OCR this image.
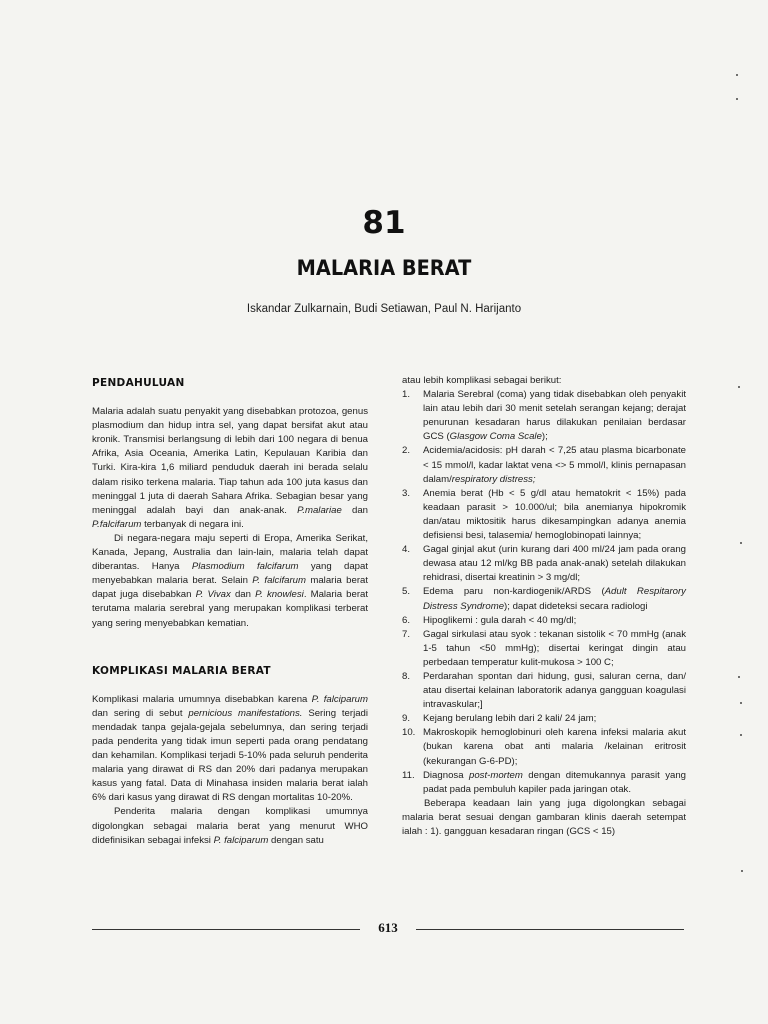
81
MALARIA BERAT
Iskandar Zulkarnain, Budi Setiawan, Paul N. Harijanto
PENDAHULUAN

Malaria adalah suatu penyakit yang disebabkan protozoa, genus plasmodium dan hidup intra sel, yang dapat bersifat akut atau kronik. Transmisi berlangsung di lebih dari 100 negara di benua Afrika, Asia Oceania, Amerika Latin, Kepulauan Karibia dan Turki. Kira-kira 1,6 miliard penduduk daerah ini berada selalu dalam risiko terkena malaria. Tiap tahun ada 100 juta kasus dan meninggal 1 juta di daerah Sahara Afrika. Sebagian besar yang meninggal adalah bayi dan anak-anak. P.malariae dan P.falcifarum terbanyak di negara ini.

Di negara-negara maju seperti di Eropa, Amerika Serikat, Kanada, Jepang, Australia dan lain-lain, malaria telah dapat diberantas. Hanya Plasmodium falcifarum yang dapat menyebabkan malaria berat. Selain P. falcifarum malaria berat dapat juga disebabkan P. Vivax dan P. knowlesi. Malaria berat terutama malaria serebral yang merupakan komplikasi terberat yang sering menyebabkan kematian.

KOMPLIKASI MALARIA BERAT

Komplikasi malaria umumnya disebabkan karena P. falciparum dan sering di sebut pernicious manifestations. Sering terjadi mendadak tanpa gejala-gejala sebelumnya, dan sering terjadi pada penderita yang tidak imun seperti pada orang pendatang dan kehamilan. Komplikasi terjadi 5-10% pada seluruh penderita malaria yang dirawat di RS dan 20% dari padanya merupakan kasus yang fatal. Data di Minahasa insiden malaria berat ialah 6% dari kasus yang dirawat di RS dengan mortalitas 10-20%.

Penderita malaria dengan komplikasi umumnya digolongkan sebagai malaria berat yang menurut WHO didefinisikan sebagai infeksi P. falciparum dengan satu

atau lebih komplikasi sebagai berikut:

1.	Malaria Serebral (coma) yang tidak disebabkan oleh penyakit lain atau lebih dari 30 menit setelah serangan kejang; derajat penurunan kesadaran harus dilakukan penilaian berdasar GCS (Glasgow Coma Scale);
2.	Acidemia/acidosis: pH darah < 7,25 atau plasma bicarbonate < 15 mmol/l, kadar laktat vena <> 5 mmol/l, klinis pernapasan dalam/respiratory distress;
3.	Anemia berat (Hb < 5 g/dl atau hematokrit < 15%) pada keadaan parasit > 10.000/ul; bila anemianya hipokromik dan/atau miktositik harus dikesampingkan adanya anemia defisiensi besi, talasemia/ hemoglobinopati lainnya;
4.	Gagal ginjal akut (urin kurang dari 400 ml/24 jam pada orang dewasa atau 12 ml/kg BB pada anak-anak) setelah dilakukan rehidrasi, disertai kreatinin > 3 mg/dl;
5.	Edema paru non-kardiogenik/ARDS (Adult Respitarory Distress Syndrome); dapat dideteksi secara radiologi
6.	Hipoglikemi : gula darah < 40 mg/dl;
7.	Gagal sirkulasi atau syok : tekanan sistolik < 70 mmHg (anak 1-5 tahun <50 mmHg); disertai keringat dingin atau perbedaan temperatur kulit-mukosa > 100 C;
8.	Perdarahan spontan dari hidung, gusi, saluran cerna, dan/ atau disertai kelainan laboratorik adanya gangguan koagulasi intravaskular;]
9.	Kejang berulang lebih dari 2 kali/ 24 jam;
10. Makroskopik hemoglobinuri oleh karena infeksi malaria akut (bukan karena obat anti malaria /kelainan eritrosit (kekurangan G-6-PD);
11. Diagnosa post-mortem dengan ditemukannya parasit yang padat pada pembuluh kapiler pada jaringan otak.

Beberapa keadaan lain yang juga digolongkan sebagai malaria berat sesuai dengan gambaran klinis daerah setempat ialah : 1). gangguan kesadaran ringan (GCS < 15)

613
